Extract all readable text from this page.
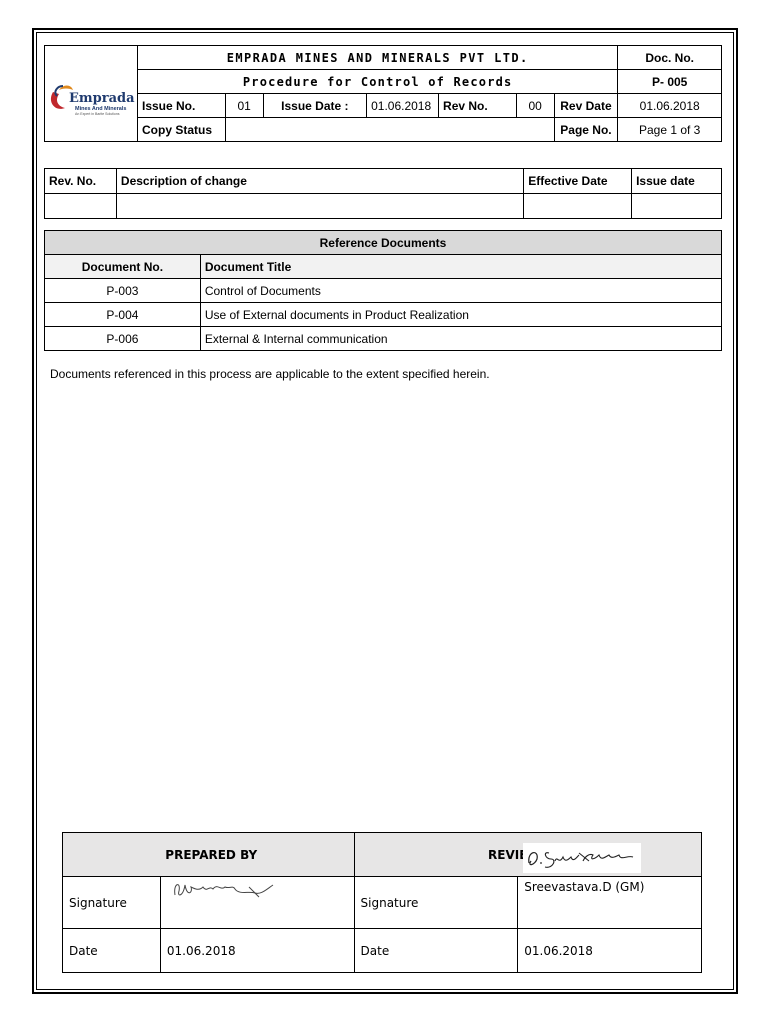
Emprada
Mines And Minerals
An Expert in Barite Solutions	EMPRADA MINES AND MINERALS PVT LTD.							Doc. No.
	Procedure for Control of Records							P- 005
	Issue No.	01	Issue Date :	01.06.2018	Rev No.	00	Rev Date	01.06.2018
	Copy Status						Page No.	Page 1 of 3
Rev. No.	Description of change	Effective Date	Issue date

Reference Documents	
Document No.	Document Title
P-003	Control of Documents
P-004	Use of External documents in Product Realization
P-006	External & Internal communication
Documents referenced in this process are applicable to the extent specified herein.
PREPARED BY		REVIEWED &	

Signature		Signature	Sreevastava.D (GM)
Date	01.06.2018	Date	01.06.2018
